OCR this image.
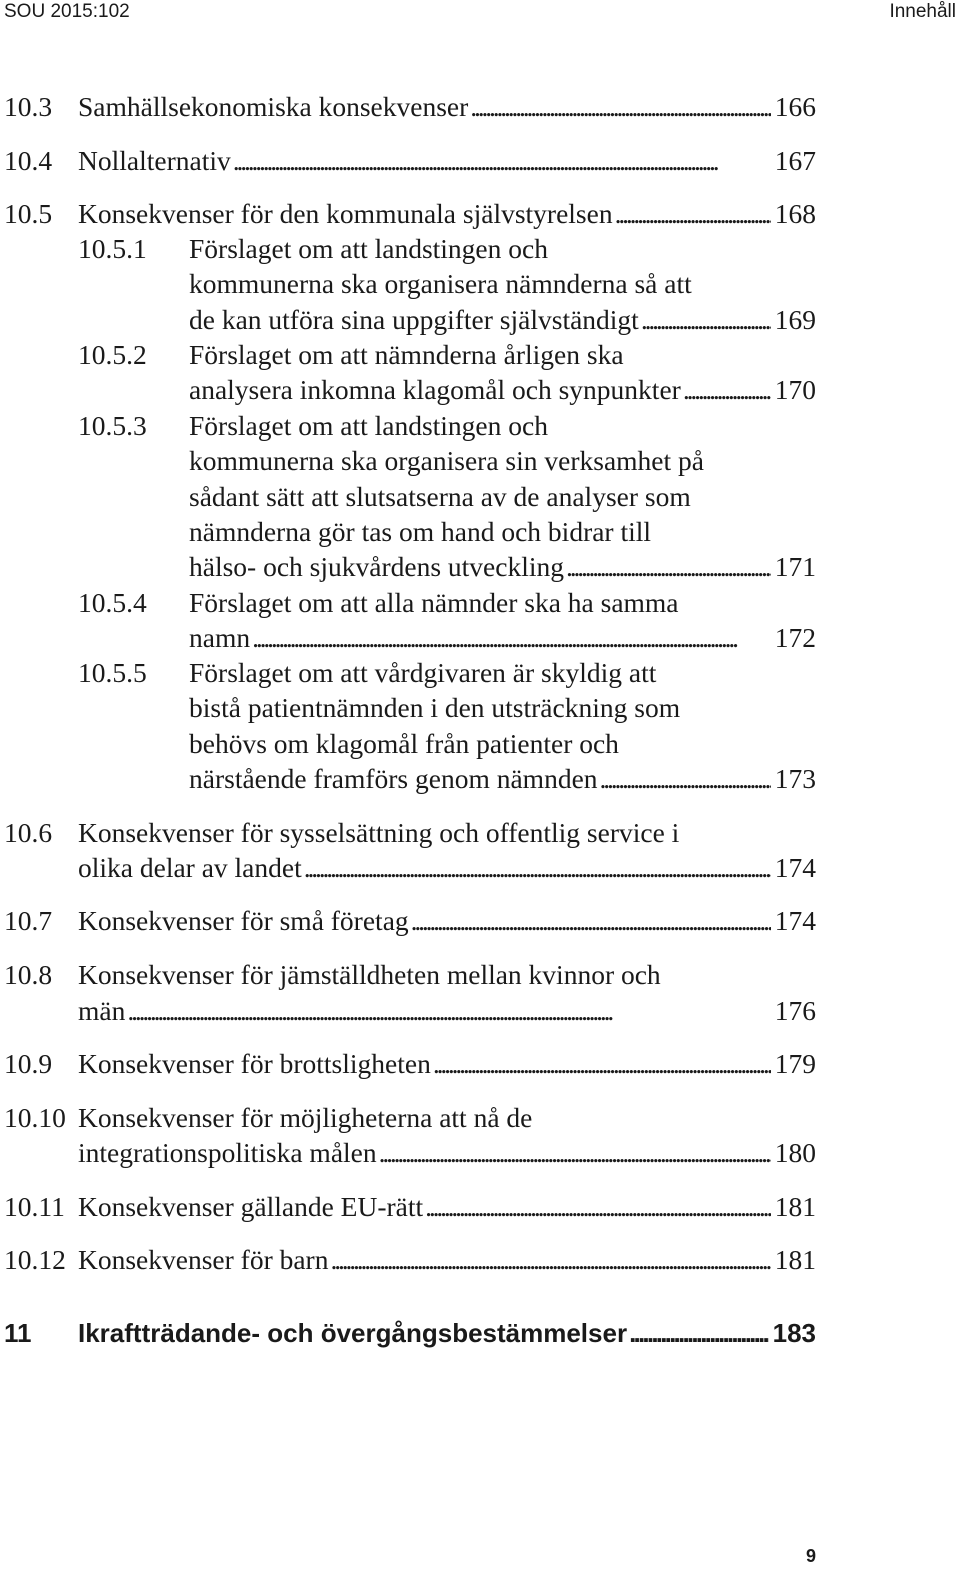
SOU 2015:102	Innehåll
10.3 Samhällsekonomiska konsekvenser . . .	166
10.4 Nollalternativ . . .	167
10.5 Konsekvenser för den kommunala självstyrelsen . . .	168
10.5.1 Förslaget om att landstingen och
kommunerna ska organisera nämnderna så att
de kan utföra sina uppgifter självständigt . . .	169
10.5.2 Förslaget om att nämnderna årligen ska
analysera inkomna klagomål och synpunkter . . .	170
10.5.3 Förslaget om att landstingen och
kommunerna ska organisera sin verksamhet på
sådant sätt att slutsatserna av de analyser som
nämnderna gör tas om hand och bidrar till
hälso- och sjukvårdens utveckling . . .	171
10.5.4 Förslaget om att alla nämnder ska ha samma
namn . . .	172
10.5.5 Förslaget om att vårdgivaren är skyldig att
bistå patientnämnden i den utsträckning som
behövs om klagomål från patienter och
närstående framförs genom nämnden . . .	173
10.6 Konsekvenser för sysselsättning och offentlig service i
olika delar av landet . . .	174
10.7 Konsekvenser för små företag . . .	174
10.8 Konsekvenser för jämställdheten mellan kvinnor och
män . . .	176
10.9 Konsekvenser för brottsligheten . . .	179
10.10 Konsekvenser för möjligheterna att nå de
integrationspolitiska målen . . .	180
10.11 Konsekvenser gällande EU-rätt . . .	181
10.12 Konsekvenser för barn . . .	181
11 Ikraftträdande- och övergångsbestämmelser . . .	183
9
